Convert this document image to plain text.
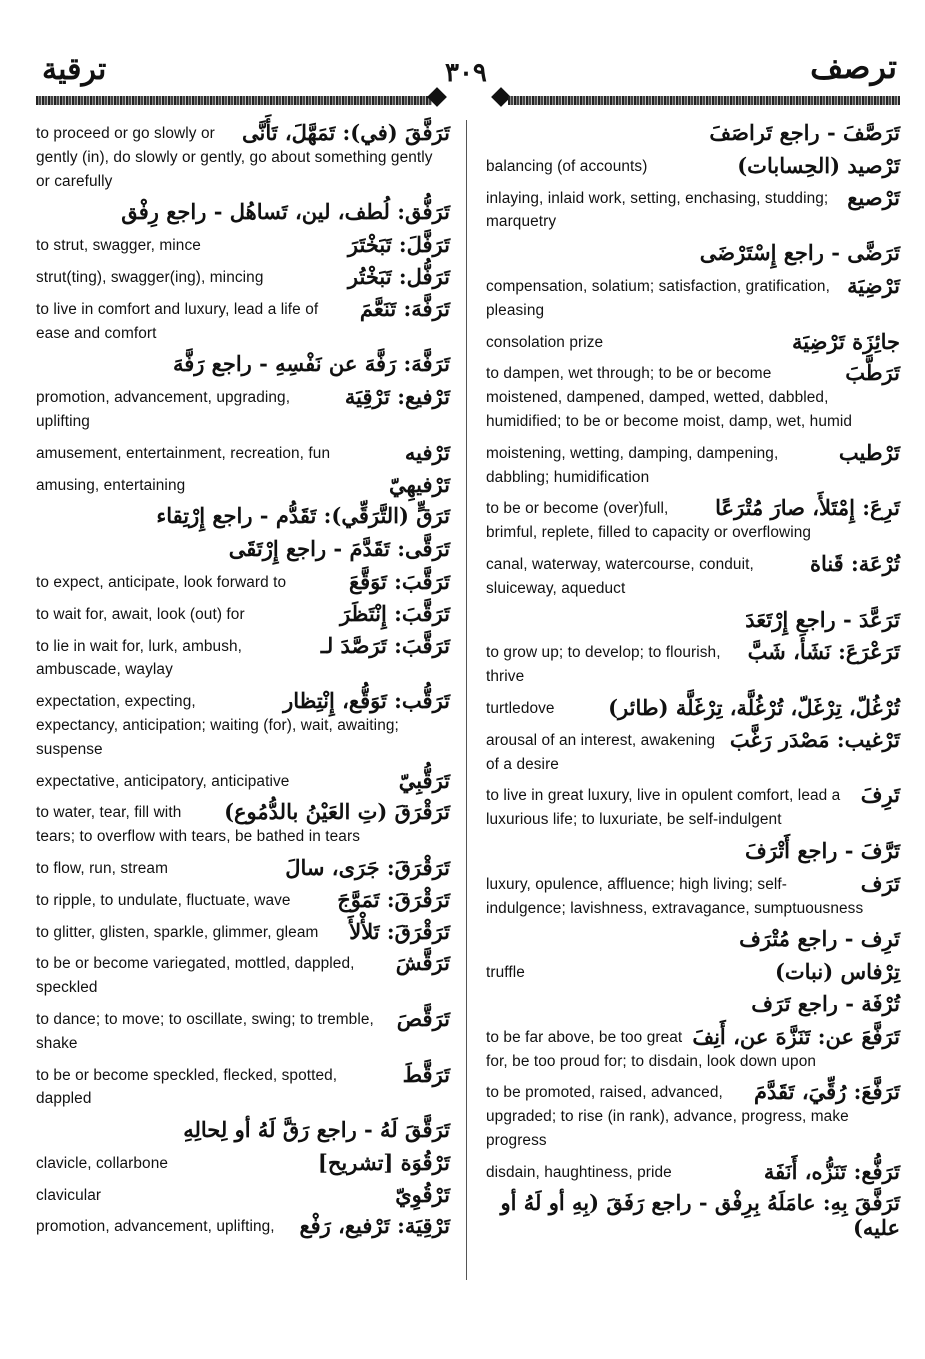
ترقية	٣٠٩	ترصف
تَرَفَّقَ (في): تَمَهَّلَ، تَأَنَّى
to proceed or go slowly or gently (in), do slowly or gently, go about something gently or carefully
تَرَفُّق: لُطف، لين، تَساهُل - راجع رِفْق
تَرَفَّلَ: تَبَخْتَرَ
to strut, swagger, mince
تَرَفُّل: تَبَخْتُر
strut(ting), swagger(ing), mincing
تَرَفَّهَ: تَنَعَّمَ
to live in comfort and luxury, lead a life of ease and comfort
تَرَفَّهَ: رَفَّهَ عن نَفْسِهِ - راجع رَفَّهَ
تَرْفيع: تَرْقِيَة
promotion, advancement, upgrading, uplifting
تَرْفيه
amusement, entertainment, recreation, fun
تَرْفيهِيّ
amusing, entertaining
تَرَقٍّ (التَّرَقِّي): تَقَدُّم - راجع إِرْتِقاء
تَرَقَّى: تَقَدَّمَ - راجع إِرْتَقَى
تَرَقَّبَ: تَوَقَّعَ
to expect, anticipate, look forward to
تَرَقَّبَ: إِنْتَظَرَ
to wait for, await, look (out) for
تَرَقَّبَ: تَرَصَّدَ لـ
to lie in wait for, lurk, ambush, ambuscade, waylay
تَرَقُّب: تَوَقُّع، إِنْتِظار
expectation, expecting, expectancy, anticipation; waiting (for), wait, awaiting; suspense
تَرَقُّبِيّ
expectative, anticipatory, anticipative
تَرَقْرَقَ (تِ العَيْنُ بالدُّمُوع)
to water, tear, fill with tears; to overflow with tears, be bathed in tears
تَرَقْرَقَ: جَرَى، سالَ
to flow, run, stream
تَرَقْرَقَ: تَمَوَّجَ
to ripple, to undulate, fluctuate, wave
تَرَقْرَقَ: تَلأْلأَ
to glitter, glisten, sparkle, glimmer, gleam
تَرَقَّشَ
to be or become variegated, mottled, dappled, speckled
تَرَقَّصَ
to dance; to move; to oscillate, swing; to tremble, shake
تَرَقَّطَ
to be or become speckled, flecked, spotted, dappled
تَرَقَّقَ لَهُ - راجع رَقَّ لَهُ أو لِحالِهِ
تَرْقُوَة [تشريح]
clavicle, collarbone
تَرْقُوِيّ
clavicular
تَرْقِيَة: تَرْفيع، رَفْع
promotion, advancement, uplifting,
تَرَصَّفَ - راجع تَراصَفَ
تَرْصيد (الحِسابات)
balancing (of accounts)
تَرْصيع
inlaying, inlaid work, setting, enchasing, studding; marquetry
تَرَضَّى - راجع إِسْتَرْضَى
تَرْضِيَة
compensation, solatium; satisfaction, gratification, pleasing
جائِزَة تَرْضِيَة
consolation prize
تَرَطَّبَ
to dampen, wet through; to be or become moistened, dampened, damped, wetted, dabbled, humidified; to be or become moist, damp, wet, humid
تَرْطيب
moistening, wetting, damping, dampening, dabbling; humidification
تَرِعَ: إِمْتَلأَ، صارَ مُتْرَعًا
to be or become (over)full, brimful, replete, filled to capacity or overflowing
تُرْعَة: قَناة
canal, waterway, watercourse, conduit, sluiceway, aqueduct
تَرَعَّدَ - راجع إِرْتَعَدَ
تَرَعْرَعَ: نَشَأَ، شَبَّ
to grow up; to develop; to flourish, thrive
تُرْغُلّ، تِرْغَلّ، تُرْغُلَّة، تِرْغَلَّة (طائر)
turtledove
تَرْغيب: مَصْدَر رَغَّبَ
arousal of an interest, awakening of a desire
تَرِفَ
to live in great luxury, live in opulent comfort, lead a luxurious life; to luxuriate, be self-indulgent
تَرَّفَ - راجع أَتْرَفَ
تَرَف
luxury, opulence, affluence; high living; self-indulgence; lavishness, extravagance, sumptuousness
تَرِف - راجع مُتْرَف
تِرْفاس (نبات)
truffle
تُرْفَة - راجع تَرَف
تَرَفَّعَ عن: تَنَزَّهَ عن، أَنِفَ
to be far above, be too great for, be too proud for; to disdain, look down upon
تَرَفَّعَ: رُقِّيَ، تَقَدَّمَ
to be promoted, raised, advanced, upgraded; to rise (in rank), advance, progress, make progress
تَرَفُّع: تَنَزُّه، أَنَفَة
disdain, haughtiness, pride
تَرَفَّقَ بِهِ: عامَلَهُ بِرِفْق - راجع رَفَقَ (بِهِ أو لَهُ أو عليه)
